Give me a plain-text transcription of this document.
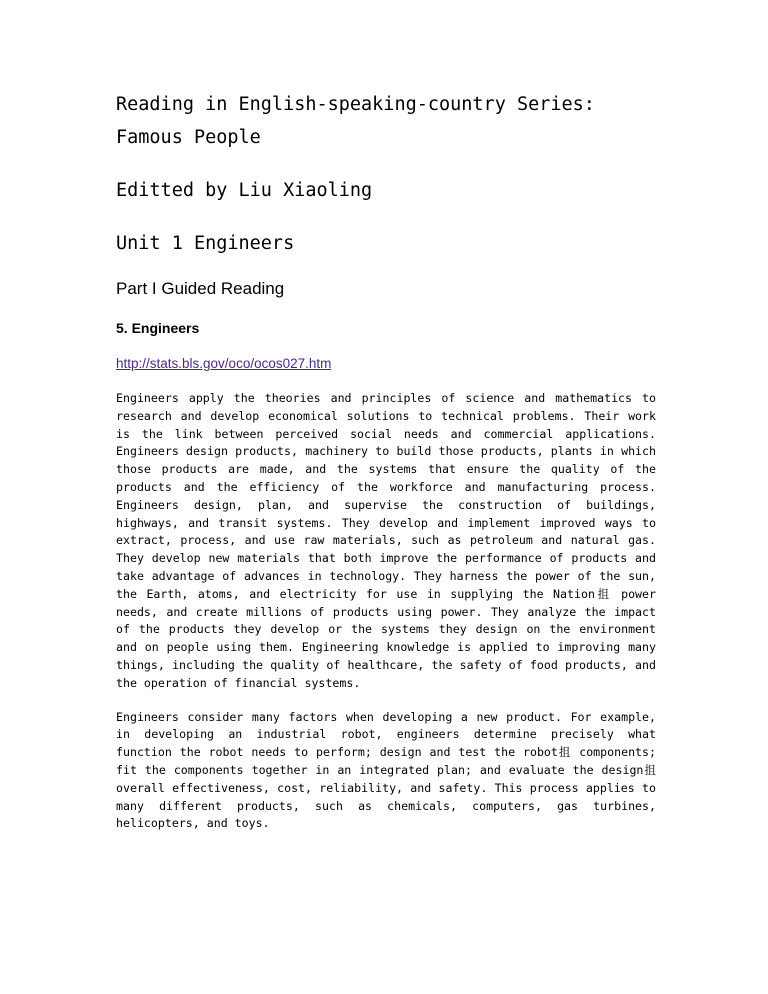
Reading in English-speaking-country Series: Famous People
Editted by Liu Xiaoling
Unit 1 Engineers
Part I Guided Reading
5. Engineers
http://stats.bls.gov/oco/ocos027.htm

Engineers apply the theories and principles of science and mathematics to research and develop economical solutions to technical problems. Their work is the link between perceived social needs and commercial applications. Engineers design products, machinery to build those products, plants in which those products are made, and the systems that ensure the quality of the products and the efficiency of the workforce and manufacturing process. Engineers design, plan, and supervise the construction of buildings, highways, and transit systems. They develop and implement improved ways to extract, process, and use raw materials, such as petroleum and natural gas. They develop new materials that both improve the performance of products and take advantage of advances in technology. They harness the power of the sun, the Earth, atoms, and electricity for use in supplying the Nation抯 power needs, and create millions of products using power. They analyze the impact of the products they develop or the systems they design on the environment and on people using them. Engineering knowledge is applied to improving many things, including the quality of healthcare, the safety of food products, and the operation of financial systems.

Engineers consider many factors when developing a new product. For example, in developing an industrial robot, engineers determine precisely what function the robot needs to perform; design and test the robot抯 components; fit the components together in an integrated plan; and evaluate the design抯 overall effectiveness, cost, reliability, and safety. This process applies to many different products, such as chemicals, computers, gas turbines, helicopters, and toys.
